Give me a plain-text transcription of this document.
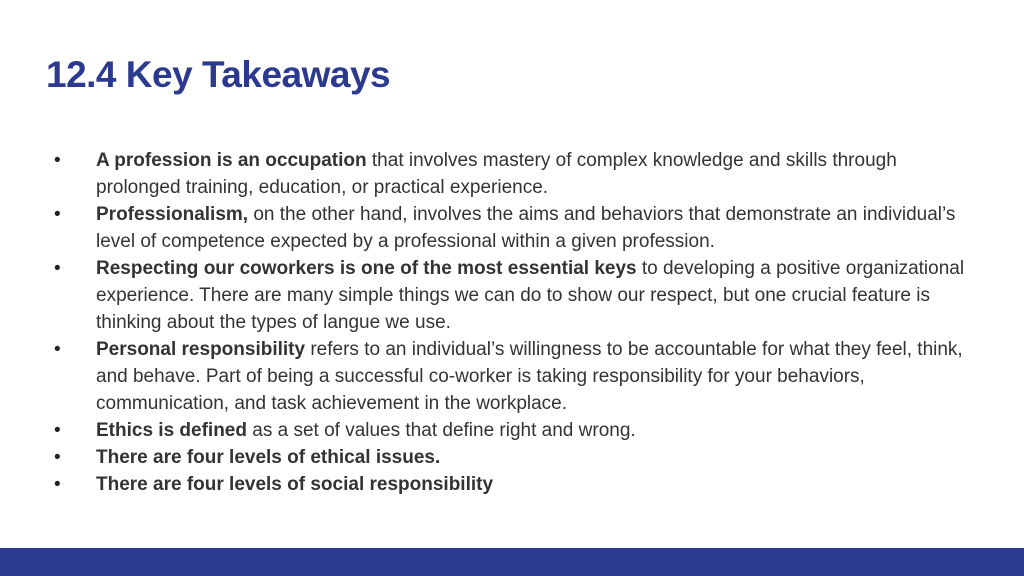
12.4 Key Takeaways
•	A profession is an occupation that involves mastery of complex knowledge and skills through prolonged training, education, or practical experience.
•	Professionalism, on the other hand, involves the aims and behaviors that demonstrate an individual’s level of competence expected by a professional within a given profession.
•	Respecting our coworkers is one of the most essential keys to developing a positive organizational experience. There are many simple things we can do to show our respect, but one crucial feature is thinking about the types of langue we use.
•	Personal responsibility refers to an individual’s willingness to be accountable for what they feel, think, and behave. Part of being a successful co-worker is taking responsibility for your behaviors, communication, and task achievement in the workplace.
•	Ethics is defined as a set of values that define right and wrong.
•	There are four levels of ethical issues.
•	There are four levels of social responsibility
